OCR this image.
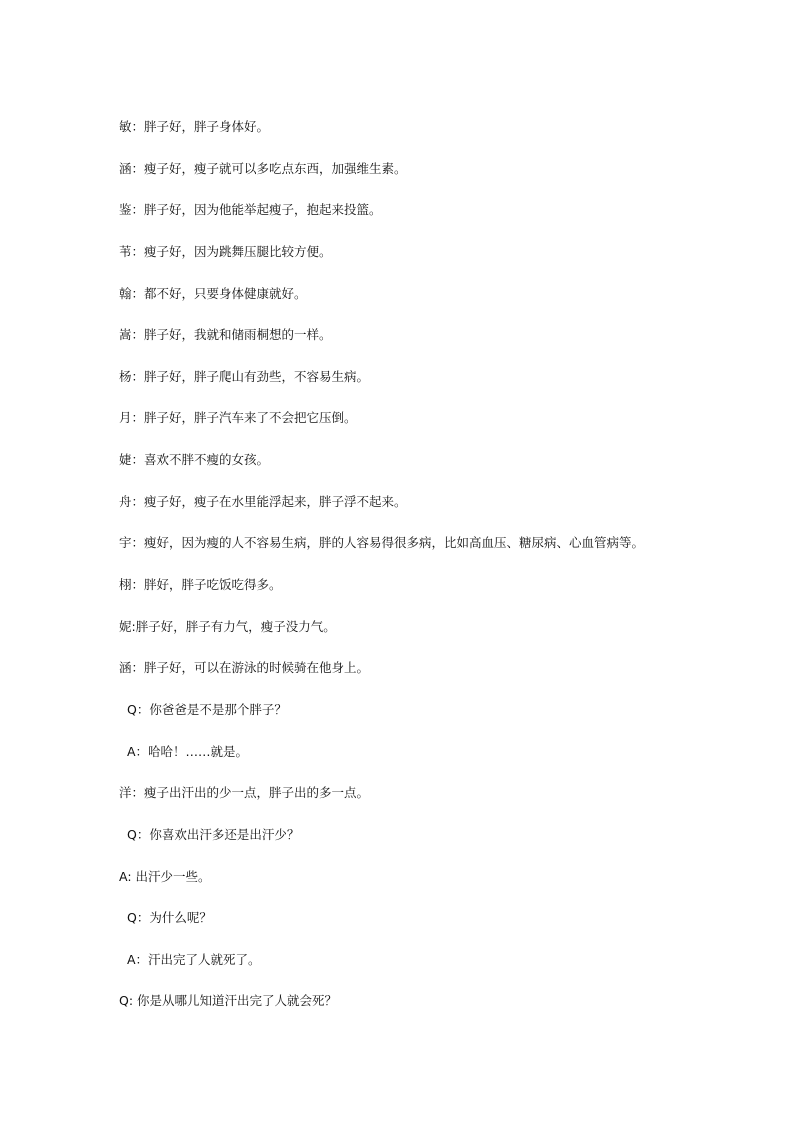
敏：胖子好，胖子身体好。
涵：瘦子好，瘦子就可以多吃点东西，加强维生素。
鉴：胖子好，因为他能举起瘦子，抱起来投篮。
苇：瘦子好，因为跳舞压腿比较方便。
翰：都不好，只要身体健康就好。
嵩：胖子好，我就和储雨桐想的一样。
杨：胖子好，胖子爬山有劲些，不容易生病。
月：胖子好，胖子汽车来了不会把它压倒。
婕：喜欢不胖不瘦的女孩。
舟：瘦子好，瘦子在水里能浮起来，胖子浮不起来。
宇：瘦好，因为瘦的人不容易生病，胖的人容易得很多病，比如高血压、糖尿病、心血管病等。
栩：胖好，胖子吃饭吃得多。
妮:胖子好，胖子有力气，瘦子没力气。
涵：胖子好，可以在游泳的时候骑在他身上。
Q：你爸爸是不是那个胖子？
A：哈哈！……就是。
洋：瘦子出汗出的少一点，胖子出的多一点。
Q：你喜欢出汗多还是出汗少？
A: 出汗少一些。
Q：为什么呢？
A：汗出完了人就死了。
Q: 你是从哪儿知道汗出完了人就会死？
